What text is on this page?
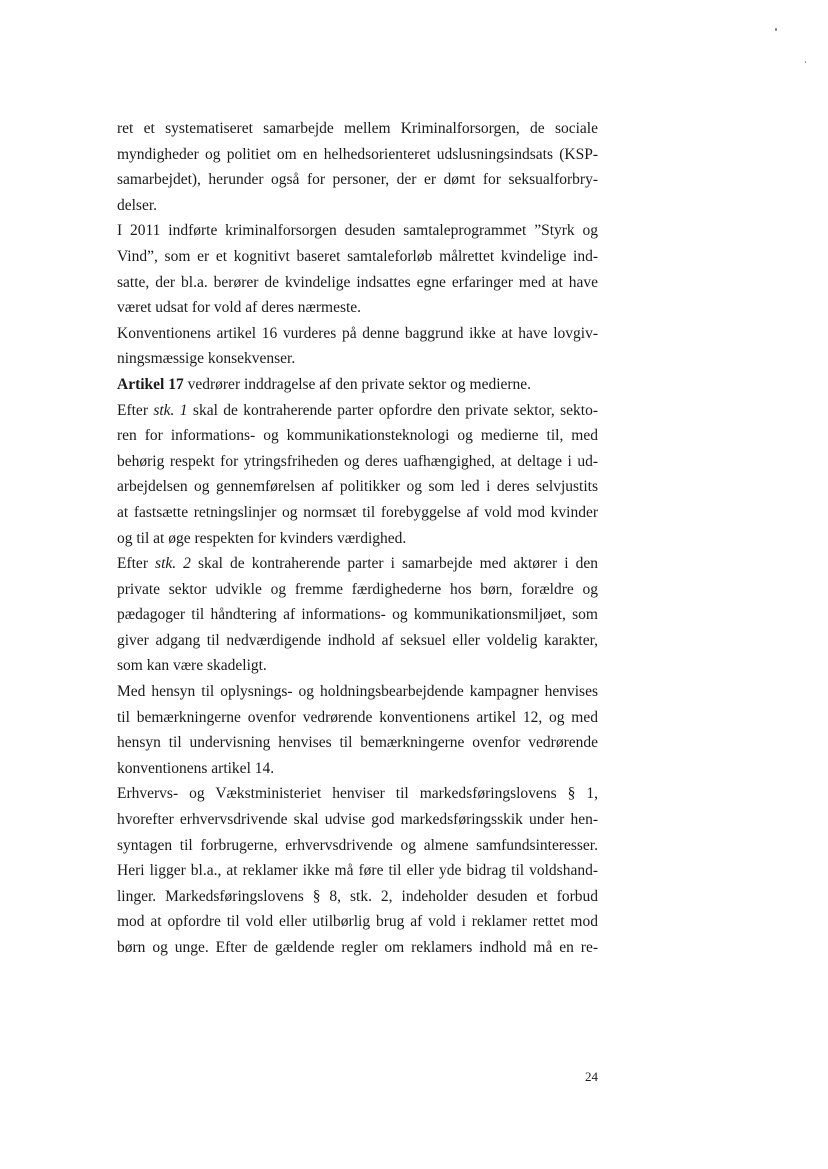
ret et systematiseret samarbejde mellem Kriminalforsorgen, de sociale
myndigheder og politiet om en helhedsorienteret udslusningsindsats (KSP-
samarbejdet), herunder også for personer, der er dømt for seksualforbry-
delser.

I 2011 indførte kriminalforsorgen desuden samtaleprogrammet ”Styrk og
Vind”, som er et kognitivt baseret samtaleforløb målrettet kvindelige ind-
satte, der bl.a. berører de kvindelige indsattes egne erfaringer med at have
været udsat for vold af deres nærmeste.

Konventionens artikel 16 vurderes på denne baggrund ikke at have lovgiv-
ningsmæssige konsekvenser.

Artikel 17 vedrører inddragelse af den private sektor og medierne.

Efter stk. 1 skal de kontraherende parter opfordre den private sektor, sekto-
ren for informations- og kommunikationsteknologi og medierne til, med
behørig respekt for ytringsfriheden og deres uafhængighed, at deltage i ud-
arbejdelsen og gennemførelsen af politikker og som led i deres selvjustits
at fastsætte retningslinjer og normsæt til forebyggelse af vold mod kvinder
og til at øge respekten for kvinders værdighed.

Efter stk. 2 skal de kontraherende parter i samarbejde med aktører i den
private sektor udvikle og fremme færdighederne hos børn, forældre og
pædagoger til håndtering af informations- og kommunikationsmiljøet, som
giver adgang til nedværdigende indhold af seksuel eller voldelig karakter,
som kan være skadeligt.

Med hensyn til oplysnings- og holdningsbearbejdende kampagner henvises
til bemærkningerne ovenfor vedrørende konventionens artikel 12, og med
hensyn til undervisning henvises til bemærkningerne ovenfor vedrørende
konventionens artikel 14.

Erhvervs- og Vækstministeriet henviser til markedsføringslovens § 1,
hvorefter erhvervsdrivende skal udvise god markedsføringsskik under hen-
syntagen til forbrugerne, erhvervsdrivende og almene samfundsinteresser.
Heri ligger bl.a., at reklamer ikke må føre til eller yde bidrag til voldshand-
linger. Markedsføringslovens § 8, stk. 2, indeholder desuden et forbud
mod at opfordre til vold eller utilbørlig brug af vold i reklamer rettet mod
børn og unge. Efter de gældende regler om reklamers indhold må en re-

24
